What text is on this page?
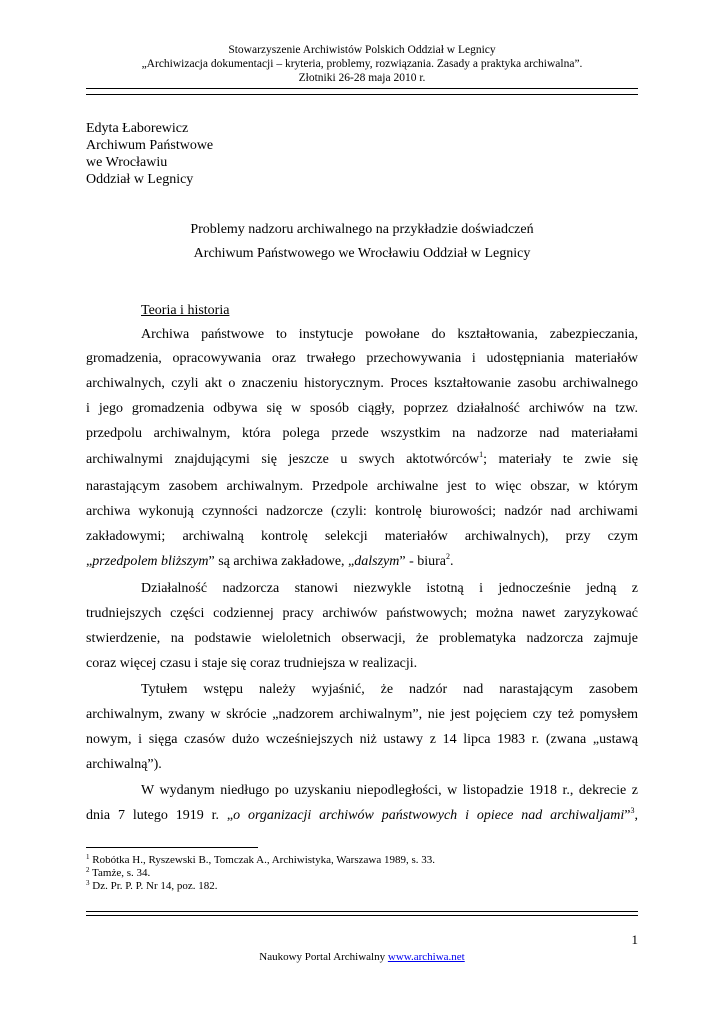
Stowarzyszenie Archiwistów Polskich Oddział w Legnicy
„Archiwizacja dokumentacji – kryteria, problemy, rozwiązania. Zasady a praktyka archiwalna”.
Złotniki 26-28 maja 2010 r.
Edyta Łaborewicz
Archiwum Państwowe
we Wrocławiu
Oddział w Legnicy
Problemy nadzoru archiwalnego na przykładzie doświadczeń
Archiwum Państwowego we Wrocławiu Oddział w Legnicy
Teoria i historia
Archiwa państwowe to instytucje powołane do kształtowania, zabezpieczania,
gromadzenia, opracowywania oraz trwałego przechowywania i udostępniania materiałów
archiwalnych, czyli akt o znaczeniu historycznym. Proces kształtowanie zasobu archiwalnego
i jego gromadzenia odbywa się w sposób ciągły, poprzez działalność archiwów na tzw.
przedpolu archiwalnym, która polega przede wszystkim na nadzorze nad materiałami
archiwalnymi znajdującymi się jeszcze u swych aktotwórców$^1$; materiały te zwie się
narastającym zasobem archiwalnym. Przedpole archiwalne jest to więc obszar, w którym
archiwa wykonują czynności nadzorcze (czyli: kontrolę biurowości; nadzór nad archiwami
zakładowymi; archiwalną kontrolę selekcji materiałów archiwalnych), przy czym
„przedpolem bliższym” są archiwa zakładowe, „dalszym” - biura$^2$.
Działalność nadzorcza stanowi niezwykle istotną i jednocześnie jedną z
trudniejszych części codziennej pracy archiwów państwowych; można nawet zaryzykować
stwierdzenie, na podstawie wieloletnich obserwacji, że problematyka nadzorcza zajmuje
coraz więcej czasu i staje się coraz trudniejsza w realizacji.
Tytułem wstępu należy wyjaśnić, że nadzór nad narastającym zasobem
archiwalnym, zwany w skrócie „nadzorem archiwalnym”, nie jest pojęciem czy też pomysłem
nowym, i sięga czasów dużo wcześniejszych niż ustawy z 14 lipca 1983 r. (zwana „ustawą
archiwalną”).
W wydanym niedługo po uzyskaniu niepodległości, w listopadzie 1918 r., dekrecie z
dnia 7 lutego 1919 r. „o organizacji archiwów państwowych i opiece nad archiwaljami”$^3$,
$^1$ Robótka H., Ryszewski B., Tomczak A., Archiwistyka, Warszawa 1989, s. 33.
$^2$ Tamże, s. 34.
$^3$ Dz. Pr. P. P. Nr 14, poz. 182.
1
Naukowy Portal Archiwalny www.archiwa.net
